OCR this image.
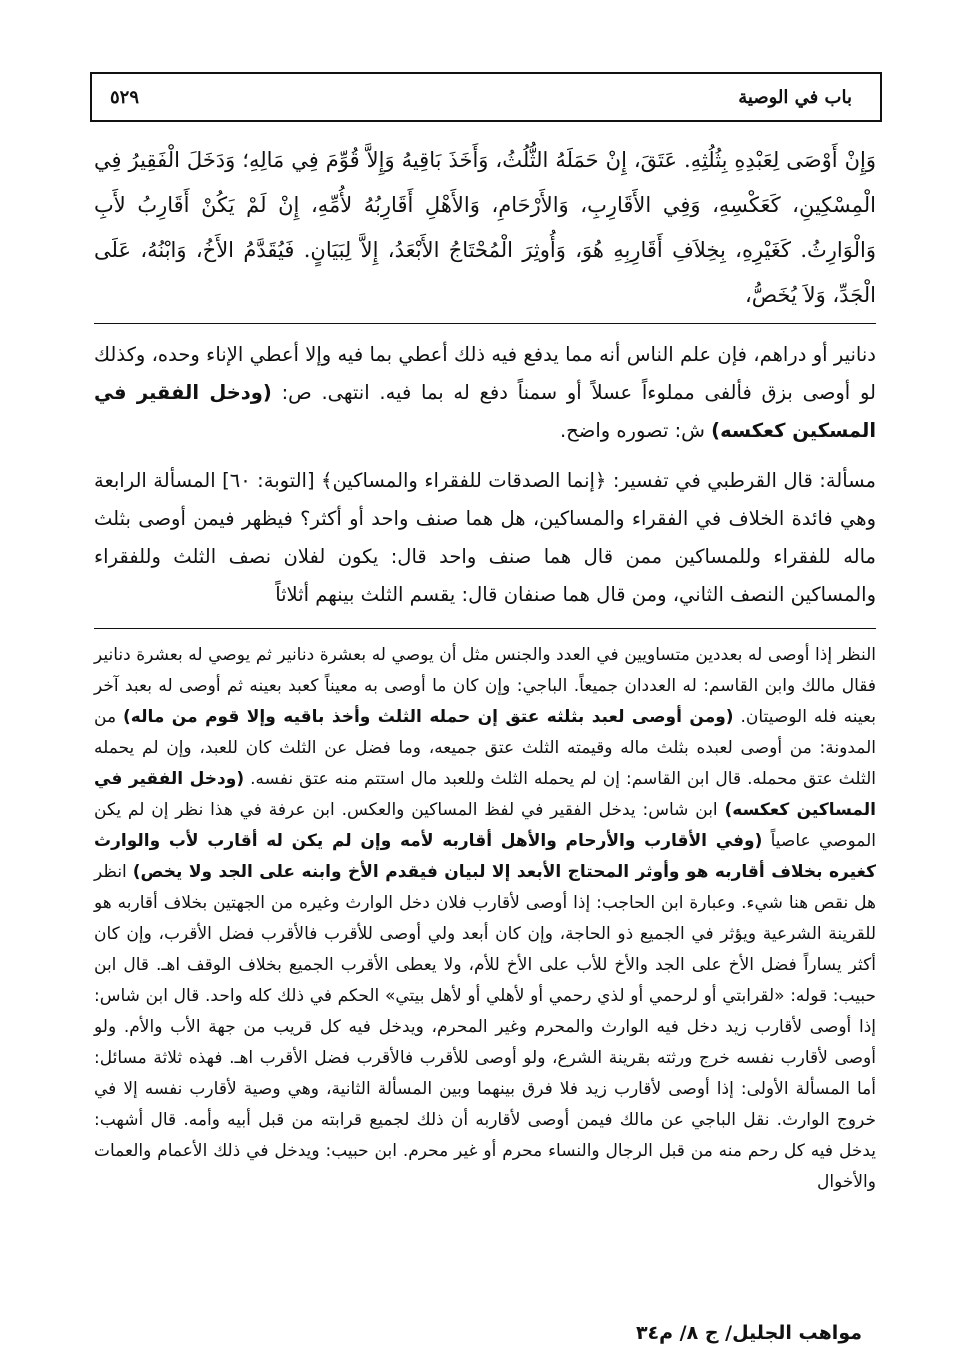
باب في الوصية
٥٢٩

وَإِنْ أَوْصَى لِعَبْدِهِ بِثُلُثِهِ. عَتَقَ، إِنْ حَمَلَهُ الثُّلُثُ، وَأَخَذَ بَاقِيهُ وَإِلاَّ قُوِّمَ فِي مَالِهِ؛ وَدَخَلَ الْفَقِيرُ فِي الْمِسْكِينِ، كَعَكْسِهِ، وَفِي الأَقَارِبِ، وَالأَرْحَامِ، وَالأَهْلِ أَقَارِبُهُ لأُمِّهِ، إِنْ لَمْ يَكُنْ أَقَارِبُ لأَبِ وَالْوَارِثُ. كَغَيْرِهِ، بِخِلاَفِ أَقَارِبِهِ هُوَ، وَأُوثِرَ الْمُحْتَاجُ الأَبْعَدُ، إِلاَّ لِبَيَانٍ. فَيُقَدَّمُ الأَخُ، وَابْنُهُ، عَلَى الْجَدِّ، وَلاَ يُخَصُّ،

دنانير أو دراهم، فإن علم الناس أنه مما يدفع فيه ذلك أعطي بما فيه وإلا أعطي الإناء وحده، وكذلك لو أوصى بزق فألفى مملوءاً عسلاً أو سمناً دفع له بما فيه. انتهى. ص: (ودخل الفقير في المسكين كعكسه) ش: تصوره واضح.

مسألة: قال القرطبي في تفسير: ﴿إنما الصدقات للفقراء والمساكين﴾ [التوبة: ٦٠] المسألة الرابعة وهي فائدة الخلاف في الفقراء والمساكين، هل هما صنف واحد أو أكثر؟ فيظهر فيمن أوصى بثلث ماله للفقراء وللمساكين ممن قال هما صنف واحد قال: يكون لفلان نصف الثلث وللفقراء والمساكين النصف الثاني، ومن قال هما صنفان قال: يقسم الثلث بينهم أثلاثاً

النظر إذا أوصى له بعددين متساويين في العدد والجنس مثل أن يوصي له بعشرة دنانير ثم يوصي له بعشرة دنانير فقال مالك وابن القاسم: له العددان جميعاً. الباجي: وإن كان ما أوصى به معيناً كعبد بعينه ثم أوصى له بعبد آخر بعينه فله الوصيتان. (ومن أوصى لعبد بثلثه عتق إن حمله الثلث وأخذ باقيه وإلا قوم من ماله) من المدونة: من أوصى لعبده بثلث ماله وقيمته الثلث عتق جميعه، وما فضل عن الثلث كان للعبد، وإن لم يحمله الثلث عتق محمله. قال ابن القاسم: إن لم يحمله الثلث وللعبد مال استتم منه عتق نفسه. (ودخل الفقير في المساكين كعكسه) ابن شاس: يدخل الفقير في لفظ المساكين والعكس. ابن عرفة في هذا نظر إن لم يكن الموصي عاصياً (وفي الأقارب والأرحام والأهل أقاربه لأمه وإن لم يكن له أقارب لأب والوارث كغيره بخلاف أقاربه هو وأوثر المحتاج الأبعد إلا لبيان فيقدم الأخ وابنه على الجد ولا يخص) انظر هل نقص هنا شيء. وعبارة ابن الحاجب: إذا أوصى لأقارب فلان دخل الوارث وغيره من الجهتين بخلاف أقاربه هو للقرينة الشرعية ويؤثر في الجميع ذو الحاجة، وإن كان أبعد ولي أوصى للأقرب فالأقرب فضل الأقرب، وإن كان أكثر يساراً فضل الأخ على الجد والأخ للأب على الأخ للأم، ولا يعطى الأقرب الجميع بخلاف الوقف اهـ. قال ابن حبيب: قوله: «لقرابتي أو لرحمي أو لذي رحمي أو لأهلي أو لأهل بيتي» الحكم في ذلك كله واحد. قال ابن شاس: إذا أوصى لأقارب زيد دخل فيه الوارث والمحرم وغير المحرم، ويدخل فيه كل قريب من جهة الأب والأم. ولو أوصى لأقارب نفسه خرج ورثته بقرينة الشرع، ولو أوصى للأقرب فالأقرب فضل الأقرب اهـ. فهذه ثلاثة مسائل: أما المسألة الأولى: إذا أوصى لأقارب زيد فلا فرق بينهما وبين المسألة الثانية، وهي وصية لأقارب نفسه إلا في خروج الوارث. نقل الباجي عن مالك فيمن أوصى لأقاربه أن ذلك لجميع قرابته من قبل أبيه وأمه. قال أشهب: يدخل فيه كل رحم منه من قبل الرجال والنساء محرم أو غير محرم. ابن حبيب: ويدخل في ذلك الأعمام والعمات والأخوال

مواهب الجليل/ ج ٨/ م٣٤
